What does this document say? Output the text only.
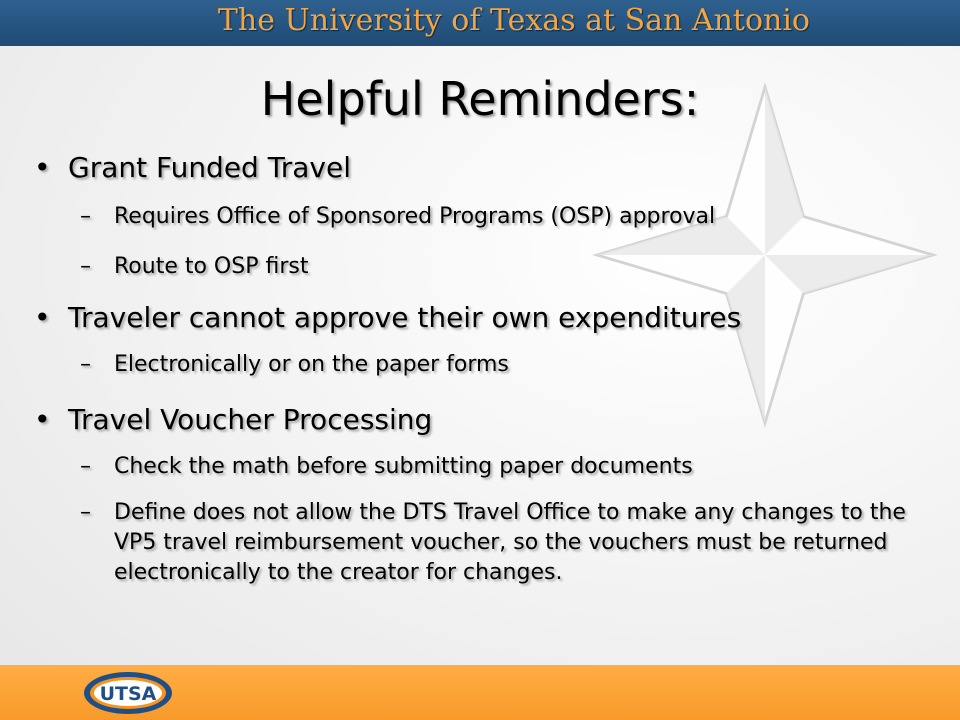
The University of Texas at San Antonio

Helpful Reminders:

• Grant Funded Travel

– Requires Office of Sponsored Programs (OSP) approval

– Route to OSP first

• Traveler cannot approve their own expenditures

– Electronically or on the paper forms

• Travel Voucher Processing

– Check the math before submitting paper documents

– Define does not allow the DTS Travel Office to make any changes to the VP5 travel reimbursement voucher, so the vouchers must be returned electronically to the creator for changes.

UTSA
